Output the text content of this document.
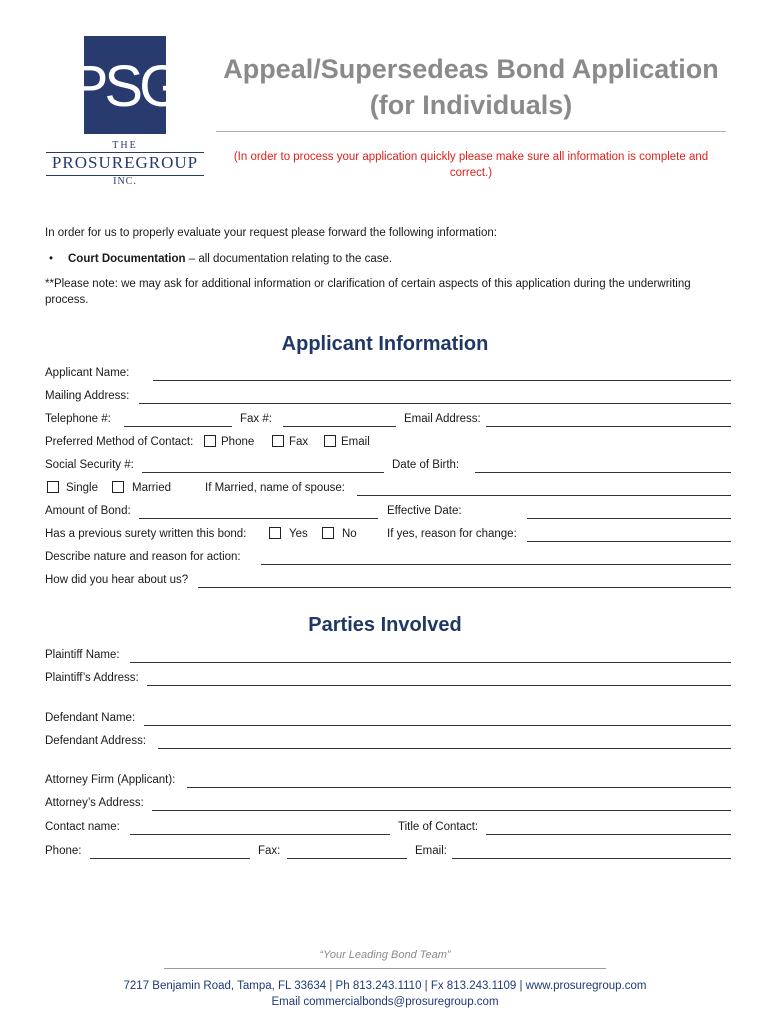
PSG
THE
PROSUREGROUP
INC.
Appeal/Supersedeas Bond Application
(for Individuals)
(In order to process your application quickly please make sure all information is complete and
correct.)
In order for us to properly evaluate your request please forward the following information:
• Court Documentation – all documentation relating to the case.
**Please note: we may ask for additional information or clarification of certain aspects of this application during the underwriting
process.
Applicant Information
Applicant Name:
Mailing Address:
Telephone #:	Fax #:	Email Address:
Preferred Method of Contact: Phone	Fax	Email
Social Security #:	Date of Birth:
Single	Married	If Married, name of spouse:
Amount of Bond:	Effective Date:
Has a previous surety written this bond:	Yes	No	If yes, reason for change:
Describe nature and reason for action:
How did you hear about us?
Parties Involved
Plaintiff Name:
Plaintiff’s Address:
Defendant Name:
Defendant Address:
Attorney Firm (Applicant):
Attorney’s Address:
Contact name:	Title of Contact:
Phone:	Fax:	Email:
“Your Leading Bond Team”
7217 Benjamin Road, Tampa, FL 33634 | Ph 813.243.1110 | Fx 813.243.1109 | www.prosuregroup.com
Email commercialbonds@prosuregroup.com
